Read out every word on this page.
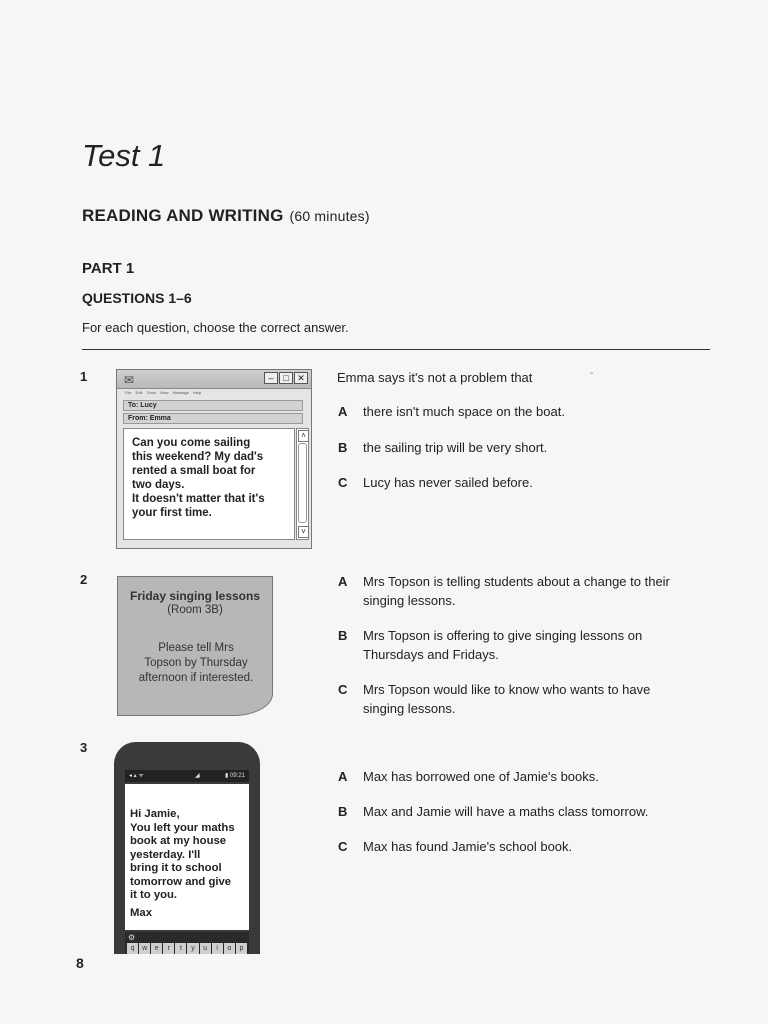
Test 1
READING AND WRITING (60 minutes)
PART 1
QUESTIONS 1–6
For each question, choose the correct answer.
-
1	✉	–	□ ✕
File Edit Tools View Message Help
To: Lucy
From: Emma
Can you come sailing
this weekend? My dad's
rented a small boat for
two days.
It doesn't matter that it's
your first time.
˄
˅
Emma says it's not a problem that
A there isn't much space on the boat.
B the sailing trip will be very short.
C Lucy has never sailed before.
2
Friday singing lessons
(Room 3B)
Please tell Mrs
Topson by Thursday
afternoon if interested.
A Mrs Topson is telling students about a change to their singing lessons.
B Mrs Topson is offering to give singing lessons on Thursdays and Fridays.
C Mrs Topson would like to know who wants to have singing lessons.
3
◂ ▴ ᯤ	◢	▮ 09:21
Hi Jamie,
You left your maths
book at my house
yesterday. I'll
bring it to school
tomorrow and give
it to you.
Max
⚙
q	w	e	r	t	y	u	i	o	p
A Max has borrowed one of Jamie's books.
B Max and Jamie will have a maths class tomorrow.
C Max has found Jamie's school book.
8
